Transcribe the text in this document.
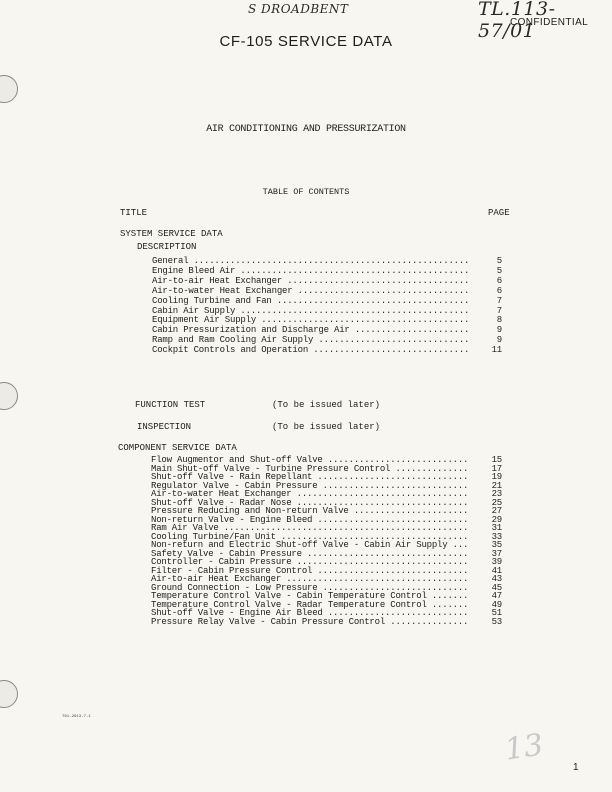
S DROADBENT	TL.113-57/01
CONFIDENTIAL
CF-105 SERVICE DATA
AIR CONDITIONING AND PRESSURIZATION
TABLE OF CONTENTS
TITLE	PAGE
SYSTEM SERVICE DATA
DESCRIPTION
General .....................................................	5
Engine Bleed Air ............................................	5
Air-to-air Heat Exchanger ...................................	6
Air-to-water Heat Exchanger .................................	6
Cooling Turbine and Fan .....................................	7
Cabin Air Supply ............................................	7
Equipment Air Supply ........................................	8
Cabin Pressurization and Discharge Air ......................	9
Ramp and Ram Cooling Air Supply .............................	9
Cockpit Controls and Operation ..............................	11
FUNCTION TEST	(To be issued later)
INSPECTION	(To be issued later)
COMPONENT SERVICE DATA
Flow Augmentor and Shut-off Valve ...........................	15
Main Shut-off Valve - Turbine Pressure Control ..............	17
Shut-off Valve - Rain Repellant .............................	19
Regulator Valve - Cabin Pressure ............................	21
Air-to-water Heat Exchanger .................................	23
Shut-off Valve - Radar Nose .................................	25
Pressure Reducing and Non-return Valve ......................	27
Non-return Valve - Engine Bleed .............................	29
Ram Air Valve ...............................................	31
Cooling Turbine/Fan Unit ....................................	33
Non-return and Electric Shut-off Valve - Cabin Air Supply ...	35
Safety Valve - Cabin Pressure ...............................	37
Controller - Cabin Pressure .................................	39
Filter - Cabin Pressure Control .............................	41
Air-to-air Heat Exchanger ...................................	43
Ground Connection - Low Pressure ............................	45
Temperature Control Valve - Cabin Temperature Control .......	47
Temperature Control Valve - Radar Temperature Control .......	49
Shut-off Valve - Engine Air Bleed ...........................	51
Pressure Relay Valve - Cabin Pressure Control ...............	53
761-2913-7-1
13
1
